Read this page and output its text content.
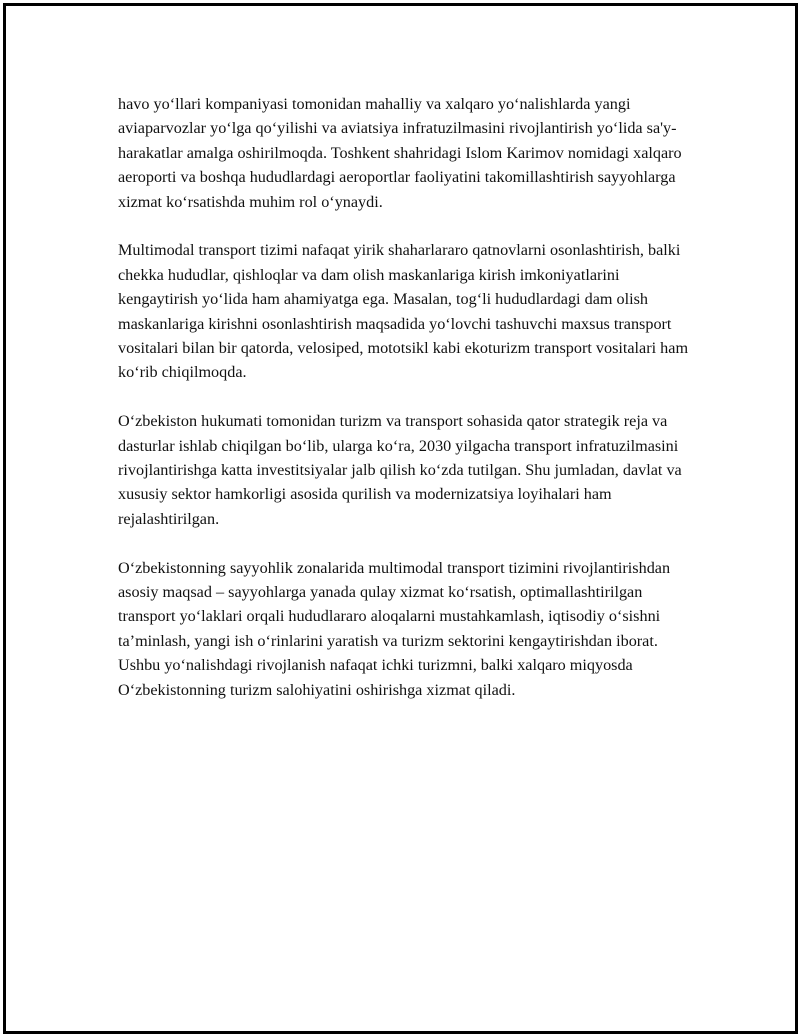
havo yo‘llari kompaniyasi tomonidan mahalliy va xalqaro yo‘nalishlarda yangi aviaparvozlar yo‘lga qo‘yilishi va aviatsiya infratuzilmasini rivojlantirish yo‘lida sa'y-harakatlar amalga oshirilmoqda. Toshkent shahridagi Islom Karimov nomidagi xalqaro aeroporti va boshqa hududlardagi aeroportlar faoliyatini takomillashtirish sayyohlarga xizmat ko‘rsatishda muhim rol o‘ynaydi.

Multimodal transport tizimi nafaqat yirik shaharlararo qatnovlarni osonlashtirish, balki chekka hududlar, qishloqlar va dam olish maskanlariga kirish imkoniyatlarini kengaytirish yo‘lida ham ahamiyatga ega. Masalan, tog‘li hududlardagi dam olish maskanlariga kirishni osonlashtirish maqsadida yo‘lovchi tashuvchi maxsus transport vositalari bilan bir qatorda, velosiped, mototsikl kabi ekoturizm transport vositalari ham ko‘rib chiqilmoqda.

O‘zbekiston hukumati tomonidan turizm va transport sohasida qator strategik reja va dasturlar ishlab chiqilgan bo‘lib, ularga ko‘ra, 2030 yilgacha transport infratuzilmasini rivojlantirishga katta investitsiyalar jalb qilish ko‘zda tutilgan. Shu jumladan, davlat va xususiy sektor hamkorligi asosida qurilish va modernizatsiya loyihalari ham rejalashtirilgan.

O‘zbekistonning sayyohlik zonalarida multimodal transport tizimini rivojlantirishdan asosiy maqsad – sayyohlarga yanada qulay xizmat ko‘rsatish, optimallashtirilgan transport yo‘laklari orqali hududlararo aloqalarni mustahkamlash, iqtisodiy o‘sishni ta’minlash, yangi ish o‘rinlarini yaratish va turizm sektorini kengaytirishdan iborat. Ushbu yo‘nalishdagi rivojlanish nafaqat ichki turizmni, balki xalqaro miqyosda O‘zbekistonning turizm salohiyatini oshirishga xizmat qiladi.
